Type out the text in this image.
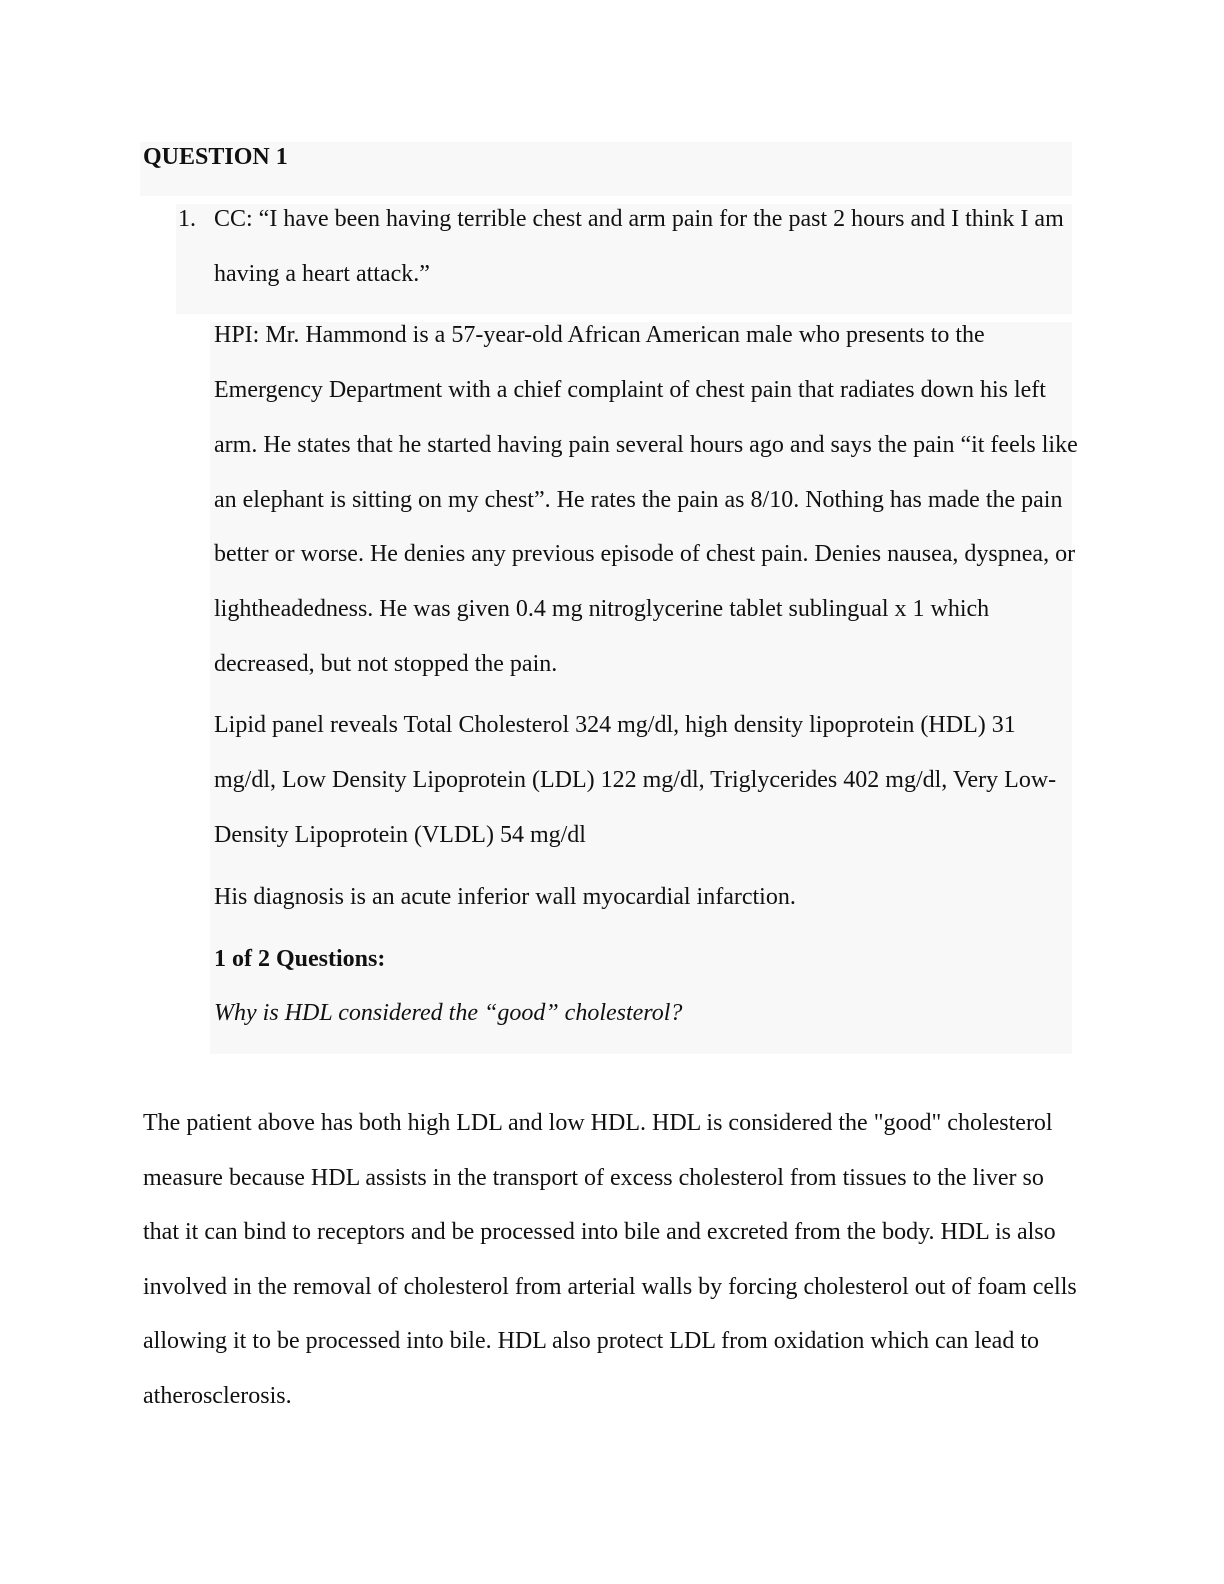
QUESTION 1
1. CC: “I have been having terrible chest and arm pain for the past 2 hours and I think I am
having a heart attack.”
HPI: Mr. Hammond is a 57-year-old African American male who presents to the
Emergency Department with a chief complaint of chest pain that radiates down his left
arm. He states that he started having pain several hours ago and says the pain “it feels like
an elephant is sitting on my chest”. He rates the pain as 8/10. Nothing has made the pain
better or worse. He denies any previous episode of chest pain. Denies nausea, dyspnea, or
lightheadedness. He was given 0.4 mg nitroglycerine tablet sublingual x 1 which
decreased, but not stopped the pain.
Lipid panel reveals Total Cholesterol 324 mg/dl, high density lipoprotein (HDL) 31
mg/dl, Low Density Lipoprotein (LDL) 122 mg/dl, Triglycerides 402 mg/dl, Very Low-
Density Lipoprotein (VLDL) 54 mg/dl
His diagnosis is an acute inferior wall myocardial infarction.
1 of 2 Questions:
Why is HDL considered the “good” cholesterol?
The patient above has both high LDL and low HDL. HDL is considered the "good" cholesterol
measure because HDL assists in the transport of excess cholesterol from tissues to the liver so
that it can bind to receptors and be processed into bile and excreted from the body. HDL is also
involved in the removal of cholesterol from arterial walls by forcing cholesterol out of foam cells
allowing it to be processed into bile. HDL also protect LDL from oxidation which can lead to
atherosclerosis.
